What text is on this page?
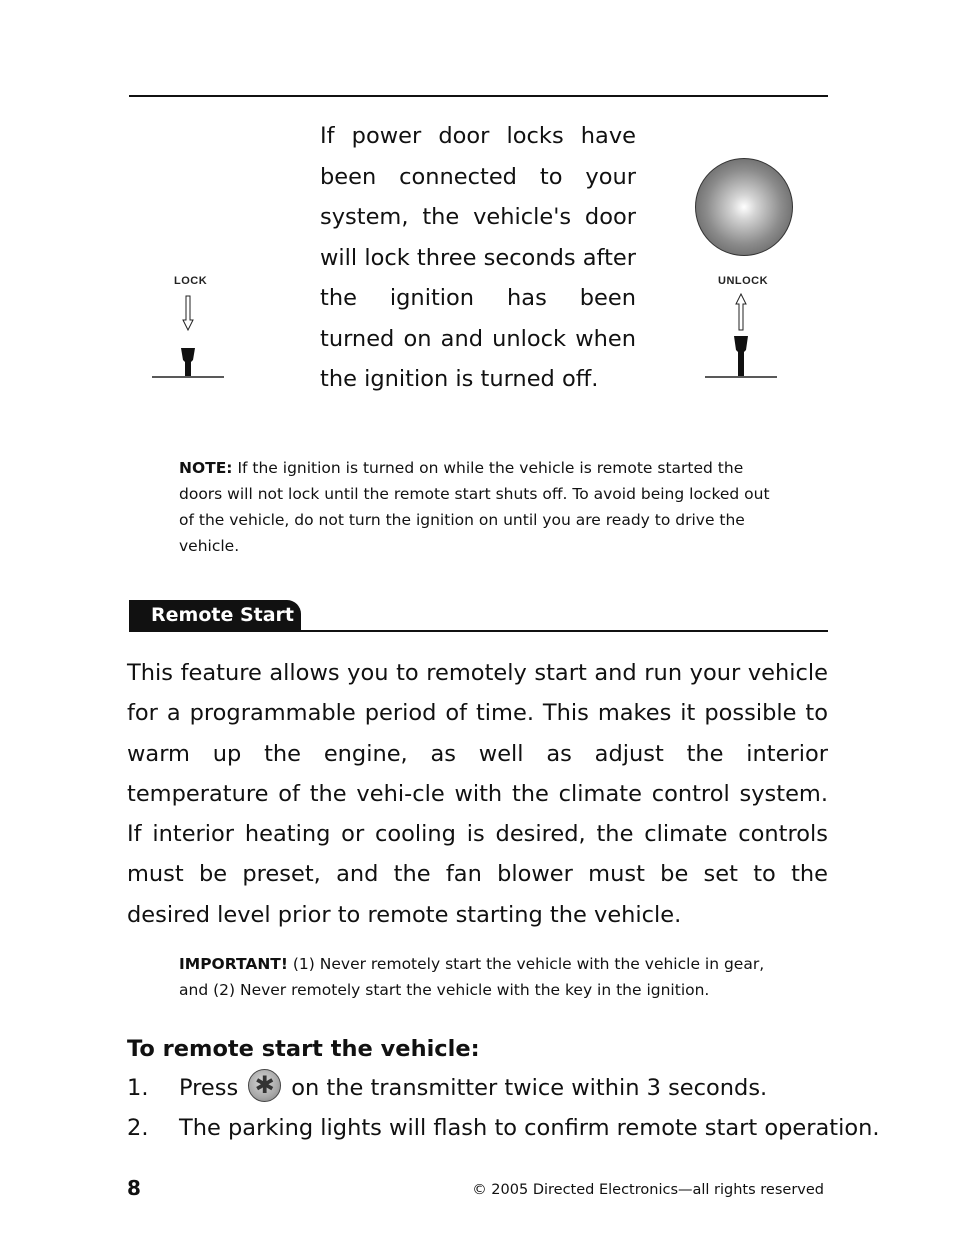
LOCK	UNLOCK

If power door locks have been connected to your system, the vehicle's door will lock three seconds after the ignition has been turned on and unlock when the ignition is turned off.

NOTE: If the ignition is turned on while the vehicle is remote started the doors will not lock until the remote start shuts off. To avoid being locked out of the vehicle, do not turn the ignition on until you are ready to drive the vehicle.

Remote Start

This feature allows you to remotely start and run your vehicle for a programmable period of time. This makes it possible to warm up the engine, as well as adjust the interior temperature of the vehi-cle with the climate control system. If interior heating or cooling is desired, the climate controls must be preset, and the fan blower must be set to the desired level prior to remote starting the vehicle.

IMPORTANT! (1) Never remotely start the vehicle with the vehicle in gear, and (2) Never remotely start the vehicle with the key in the ignition.

To remote start the vehicle:

1. Press ✱ on the transmitter twice within 3 seconds.
2. The parking lights will flash to confirm remote start operation.
8	© 2005 Directed Electronics—all rights reserved
